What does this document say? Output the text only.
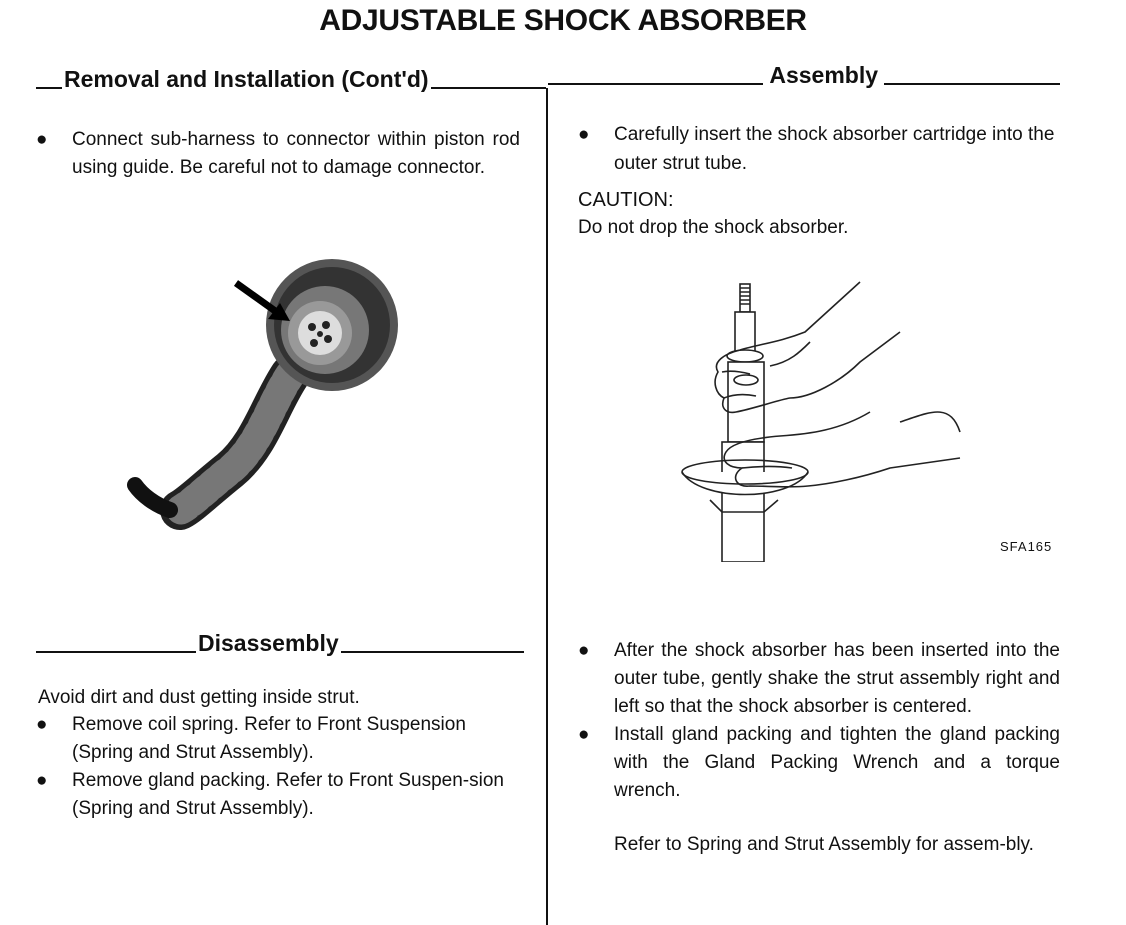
ADJUSTABLE SHOCK ABSORBER
Removal and Installation (Cont'd)	Assembly
● Connect sub-harness to connector within piston rod using guide. Be careful not to damage connector.
● Carefully insert the shock absorber cartridge into the outer strut tube.
CAUTION:
Do not drop the shock absorber.
SFA165
Disassembly
Avoid dirt and dust getting inside strut.
● Remove coil spring. Refer to Front Suspension (Spring and Strut Assembly).
● Remove gland packing. Refer to Front Suspen-sion (Spring and Strut Assembly).
● After the shock absorber has been inserted into the outer tube, gently shake the strut assembly right and left so that the shock absorber is centered.
● Install gland packing and tighten the gland packing with the Gland Packing Wrench and a torque wrench.
Refer to Spring and Strut Assembly for assem-bly.
